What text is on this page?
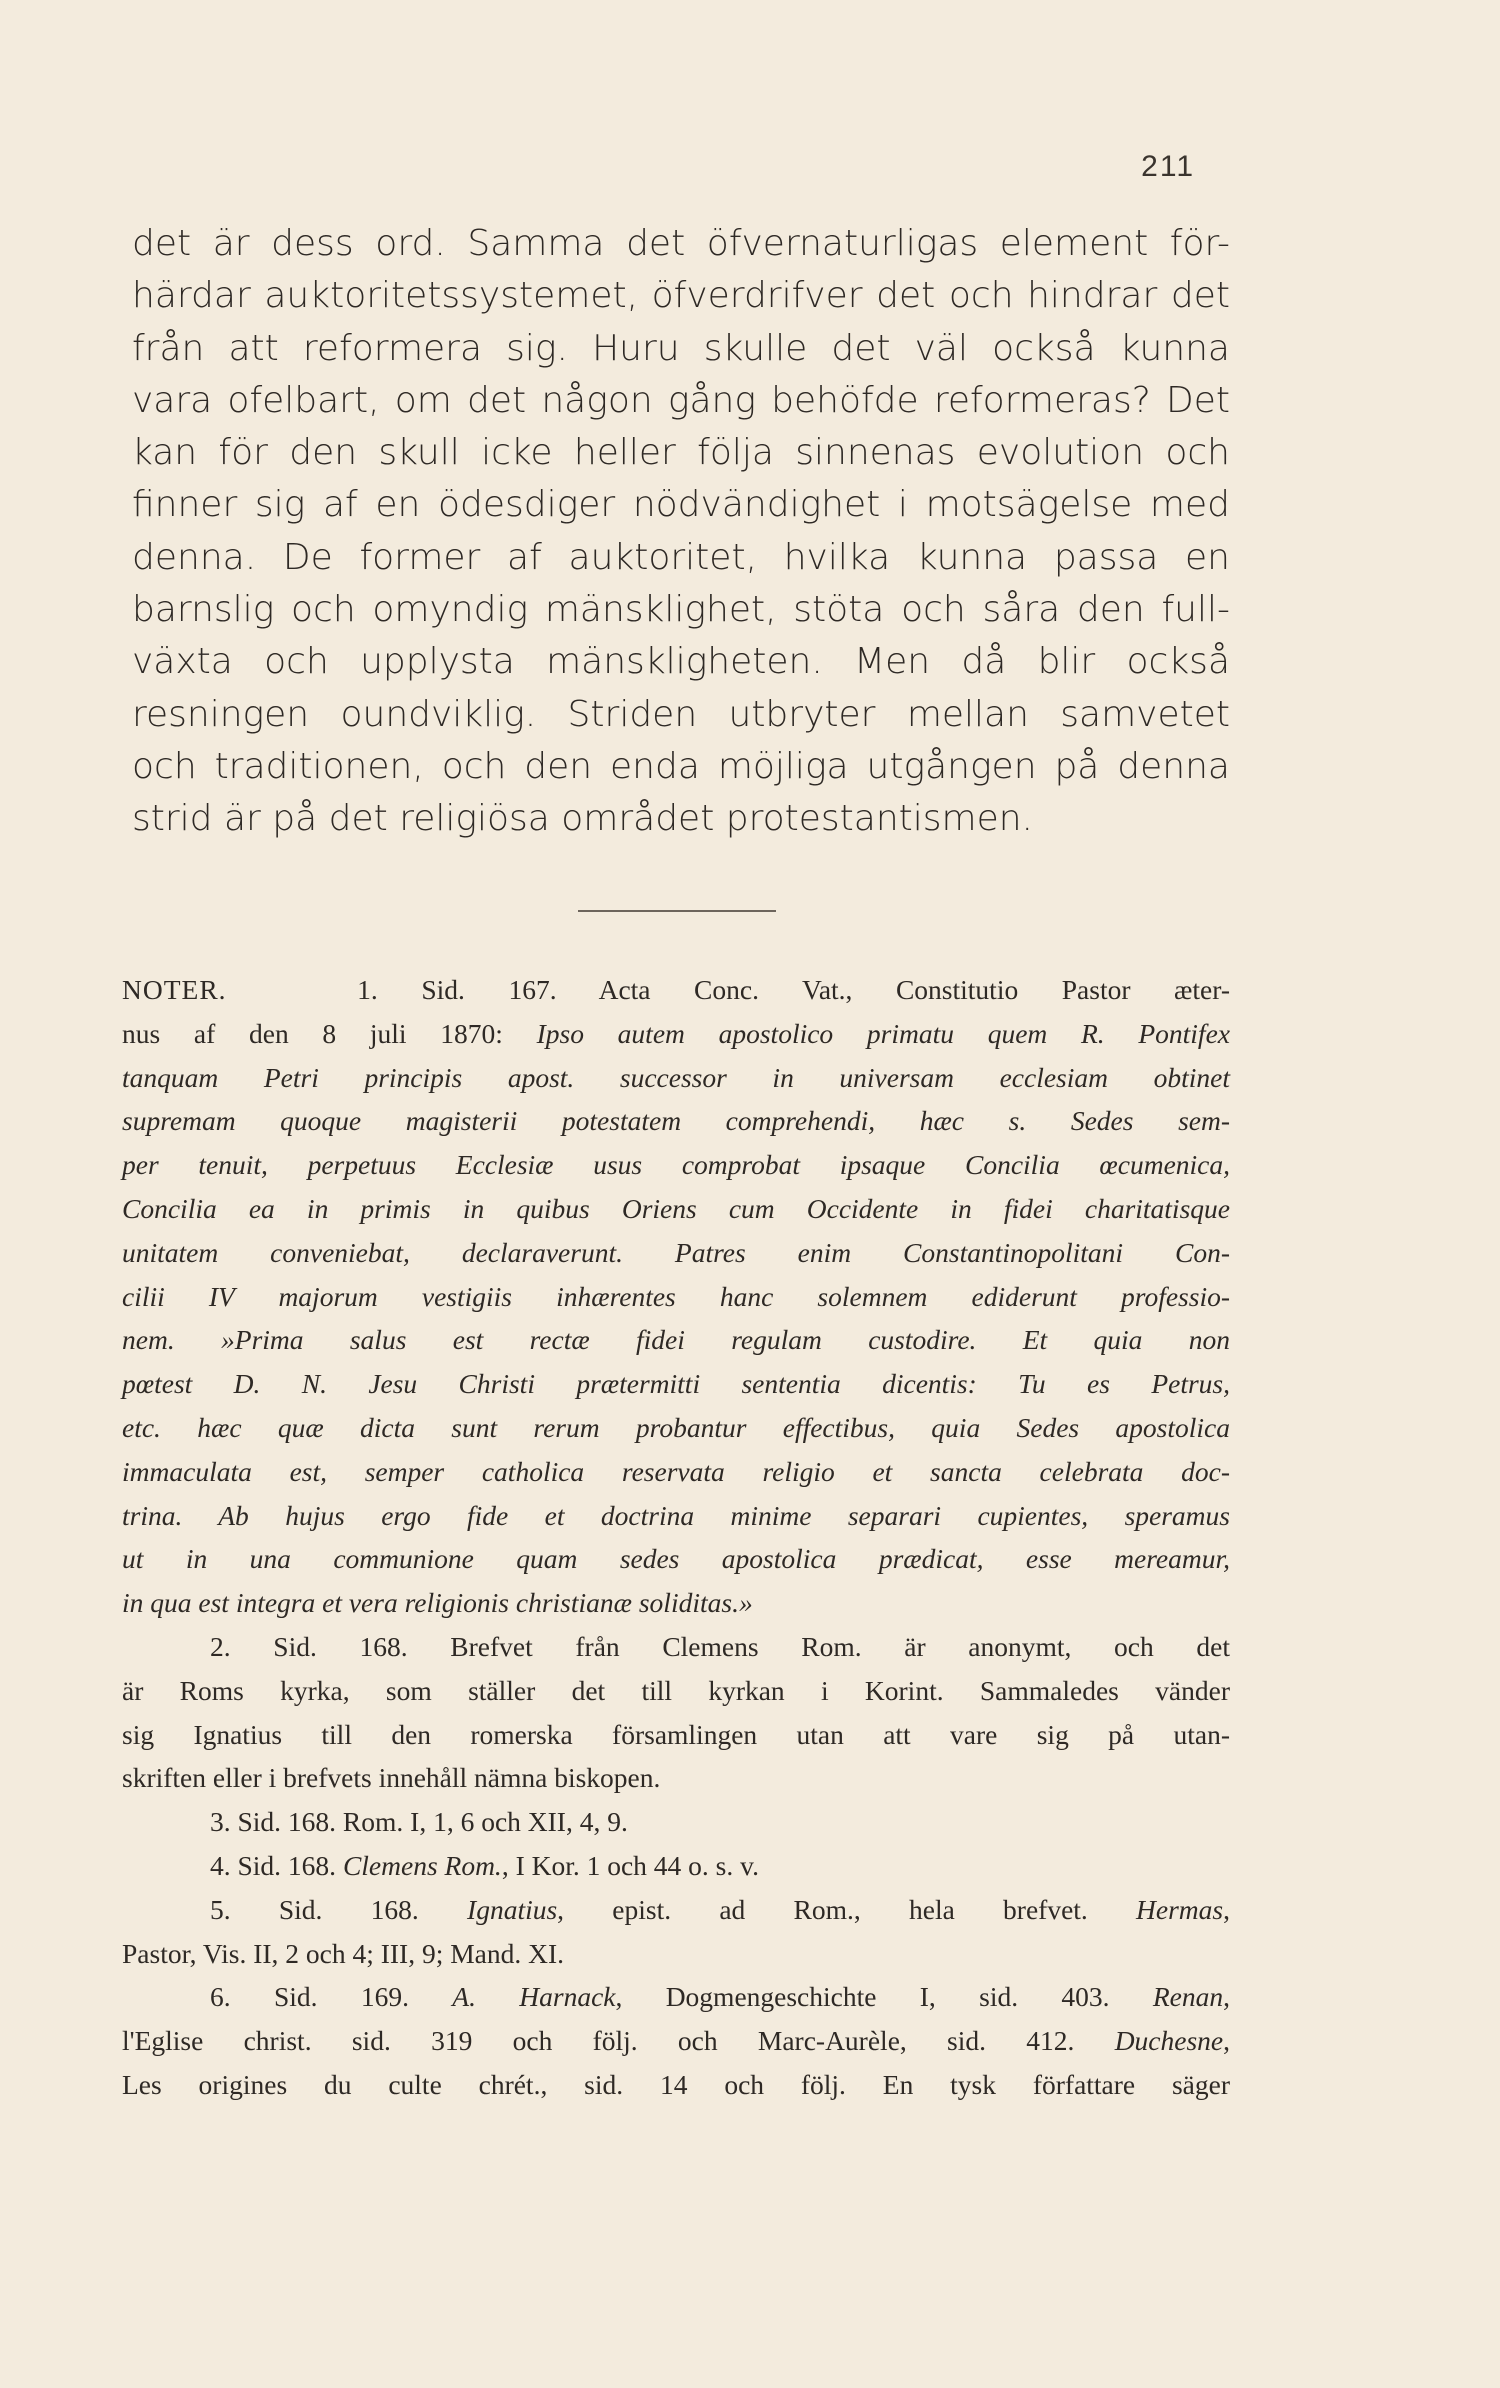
211
det är dess ord. Samma det öfvernaturligas element för-
härdar auktoritetssystemet, öfverdrifver det och hindrar det
från att reformera sig. Huru skulle det väl också kunna
vara ofelbart, om det någon gång behöfde reformeras? Det
kan för den skull icke heller följa sinnenas evolution och
finner sig af en ödesdiger nödvändighet i motsägelse med
denna. De former af auktoritet, hvilka kunna passa en
barnslig och omyndig mänsklighet, stöta och såra den full-
växta och upplysta mänskligheten. Men då blir också
resningen oundviklig. Striden utbryter mellan samvetet
och traditionen, och den enda möjliga utgången på denna
strid är på det religiösa området protestantismen.
NOTER.	1. Sid. 167. Acta Conc. Vat., Constitutio Pastor æter-
nus af den 8 juli 1870: Ipso autem apostolico primatu quem R. Pontifex
tanquam Petri principis apost. successor in universam ecclesiam obtinet
supremam quoque magisterii potestatem comprehendi, hæc s. Sedes sem-
per tenuit, perpetuus Ecclesiæ usus comprobat ipsaque Concilia œcumenica,
Concilia ea in primis in quibus Oriens cum Occidente in fidei charitatisque
unitatem conveniebat, declaraverunt. Patres enim Constantinopolitani Con-
cilii IV majorum vestigiis inhærentes hanc solemnem ediderunt professio-
nem. »Prima salus est rectæ fidei regulam custodire. Et quia non
pœtest D. N. Jesu Christi prætermitti sententia dicentis: Tu es Petrus,
etc. hæc quæ dicta sunt rerum probantur effectibus, quia Sedes apostolica
immaculata est, semper catholica reservata religio et sancta celebrata doc-
trina. Ab hujus ergo fide et doctrina minime separari cupientes, speramus
ut in una communione quam sedes apostolica prædicat, esse mereamur,
in qua est integra et vera religionis christianæ soliditas.»
2. Sid. 168. Brefvet från Clemens Rom. är anonymt, och det
är Roms kyrka, som ställer det till kyrkan i Korint. Sammaledes vänder
sig Ignatius till den romerska församlingen utan att vare sig på utan-
skriften eller i brefvets innehåll nämna biskopen.
3. Sid. 168. Rom. I, 1, 6 och XII, 4, 9.
4. Sid. 168. Clemens Rom., I Kor. 1 och 44 o. s. v.
5. Sid. 168. Ignatius, epist. ad Rom., hela brefvet. Hermas,
Pastor, Vis. II, 2 och 4; III, 9; Mand. XI.
6. Sid. 169. A. Harnack, Dogmengeschichte I, sid. 403. Renan,
l'Eglise christ. sid. 319 och följ. och Marc-Aurèle, sid. 412. Duchesne,
Les origines du culte chrét., sid. 14 och följ. En tysk författare säger
